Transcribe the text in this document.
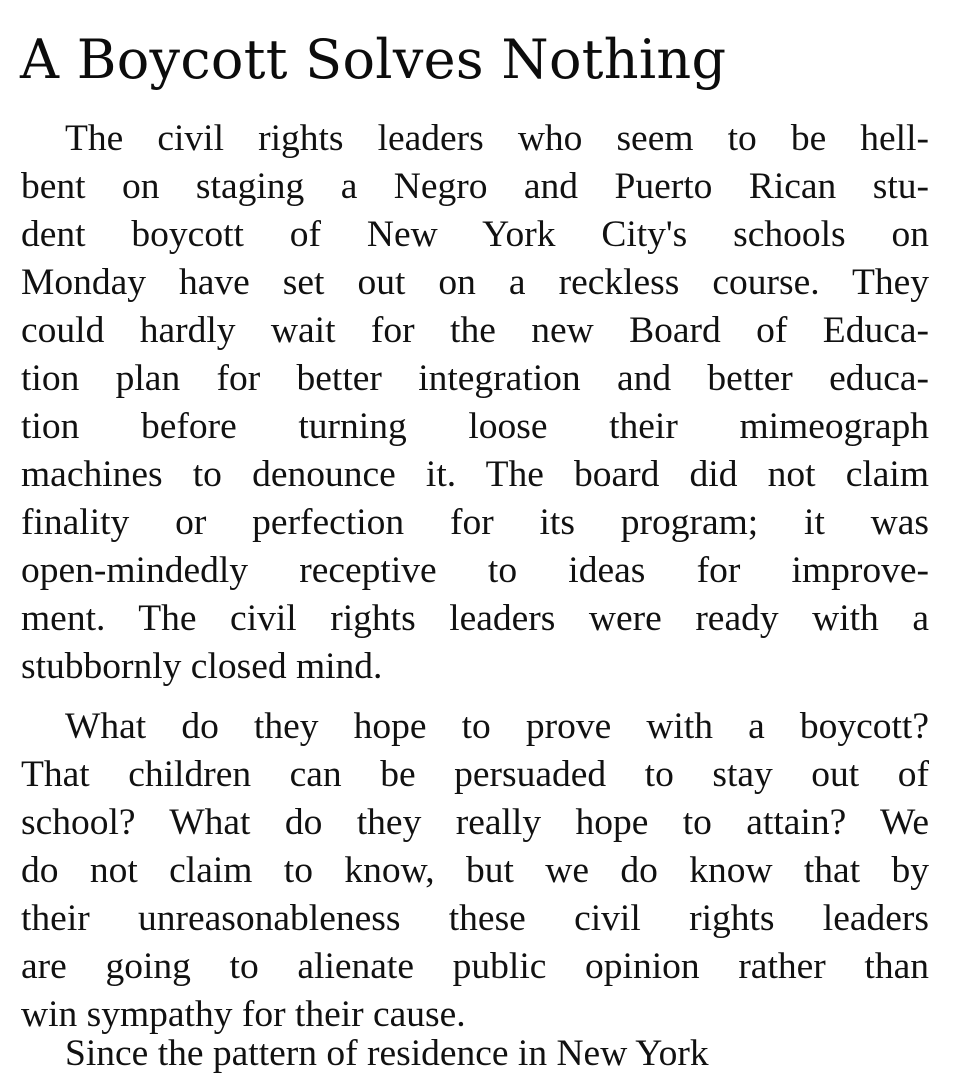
A Boycott Solves Nothing
The civil rights leaders who seem to be hell-
bent on staging a Negro and Puerto Rican stu-
dent boycott of New York City's schools on
Monday have set out on a reckless course. They
could hardly wait for the new Board of Educa-
tion plan for better integration and better educa-
tion before turning loose their mimeograph
machines to denounce it. The board did not claim
finality or perfection for its program; it was
open-mindedly receptive to ideas for improve-
ment. The civil rights leaders were ready with a
stubbornly closed mind.
What do they hope to prove with a boycott?
That children can be persuaded to stay out of
school? What do they really hope to attain? We
do not claim to know, but we do know that by
their unreasonableness these civil rights leaders
are going to alienate public opinion rather than
win sympathy for their cause.
Since the pattern of residence in New York
